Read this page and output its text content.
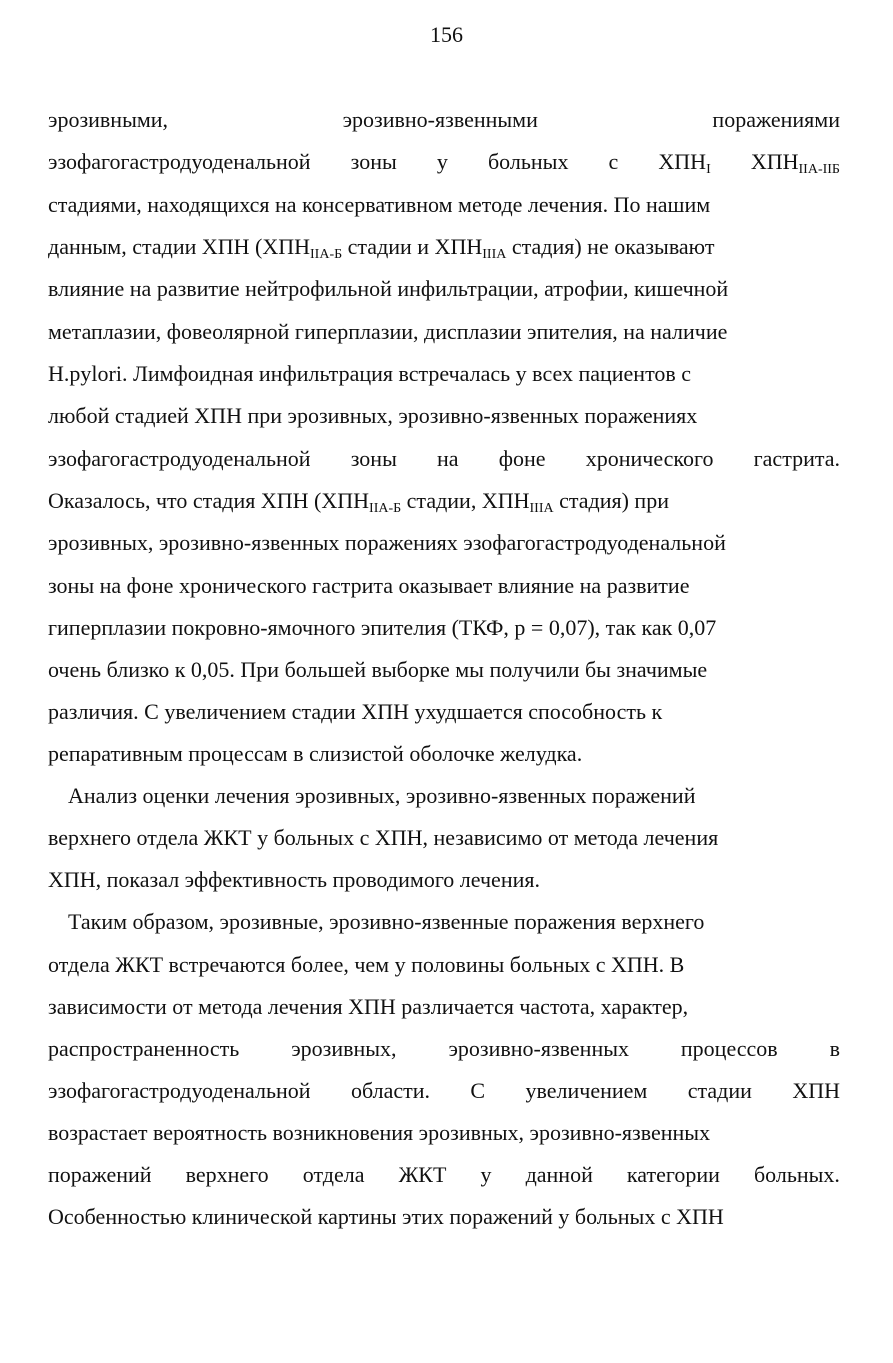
156
эрозивными,	эрозивно-язвенными	поражениями
эзофагогастродуоденальной зоны у больных с $ХПН_I$ $ХПН_{IIА-IIБ}$
стадиями, находящихся на консервативном методе лечения. По нашим
данным, стадии ХПН ($ХПН_{IIА-Б}$ стадии и $ХПН_{IIIА}$ стадия) не оказывают
влияние на развитие нейтрофильной инфильтрации, атрофии, кишечной
метаплазии, фовеолярной гиперплазии, дисплазии эпителия, на наличие
H.pylori. Лимфоидная инфильтрация встречалась у всех пациентов с
любой стадией ХПН при эрозивных, эрозивно-язвенных поражениях
эзофагогастродуоденальной зоны на фоне хронического гастрита.
Оказалось, что стадия ХПН ($ХПН_{IIА-Б}$ стадии, $ХПН_{IIIА}$ стадия) при
эрозивных, эрозивно-язвенных поражениях эзофагогастродуоденальной
зоны на фоне хронического гастрита оказывает влияние на развитие
гиперплазии покровно-ямочного эпителия (ТКФ, p = 0,07), так как 0,07
очень близко к 0,05. При большей выборке мы получили бы значимые
различия. С увеличением стадии ХПН ухудшается способность к
репаративным процессам в слизистой оболочке желудка.
Анализ оценки лечения эрозивных, эрозивно-язвенных поражений
верхнего отдела ЖКТ у больных с ХПН, независимо от метода лечения
ХПН, показал эффективность проводимого лечения.
Таким образом, эрозивные, эрозивно-язвенные поражения верхнего
отдела ЖКТ встречаются более, чем у половины больных с ХПН. В
зависимости от метода лечения ХПН различается частота, характер,
распространенность эрозивных, эрозивно-язвенных процессов в
эзофагогастродуоденальной области. С увеличением стадии ХПН
возрастает вероятность возникновения эрозивных, эрозивно-язвенных
поражений верхнего отдела ЖКТ у данной категории больных.
Особенностью клинической картины этих поражений у больных с ХПН
